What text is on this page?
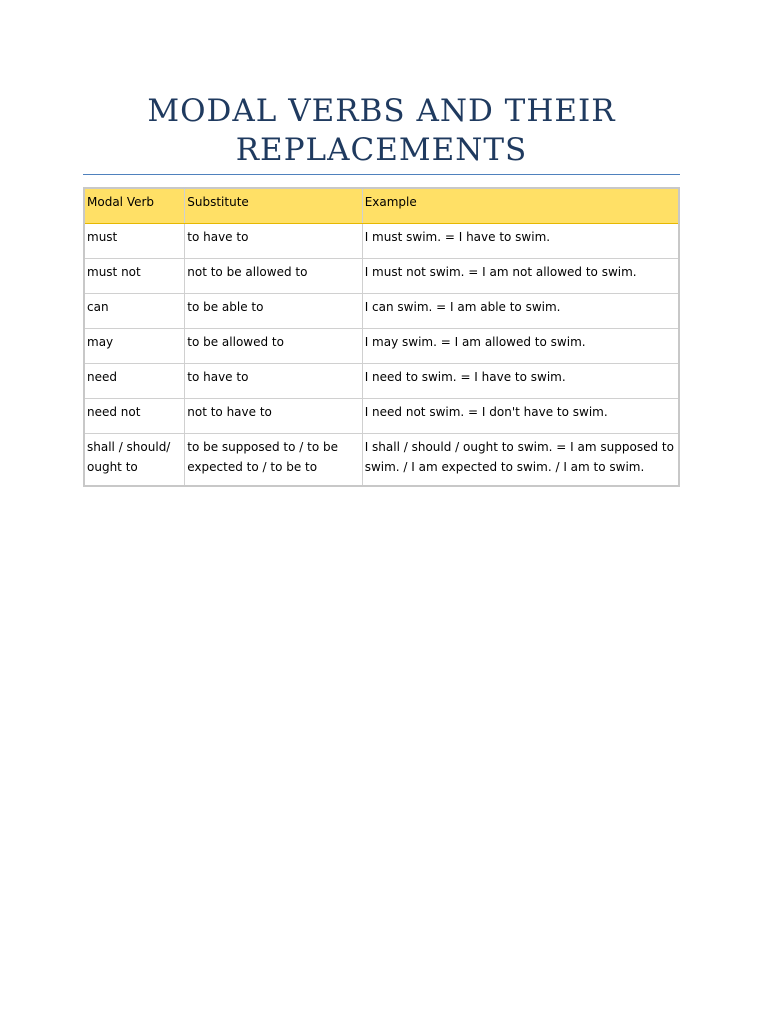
MODAL VERBS AND THEIR
REPLACEMENTS
Modal Verb	Substitute	Example
must	to have to	I must swim. = I have to swim.
must not	not to be allowed to	I must not swim. = I am not allowed to swim.
can	to be able to	I can swim. = I am able to swim.
may	to be allowed to	I may swim. = I am allowed to swim.
need	to have to	I need to swim. = I have to swim.
need not	not to have to	I need not swim. = I don't have to swim.
shall / should/ ought to	to be supposed to / to be expected to / to be to	I shall / should / ought to swim. = I am supposed to swim. / I am expected to swim. / I am to swim.
